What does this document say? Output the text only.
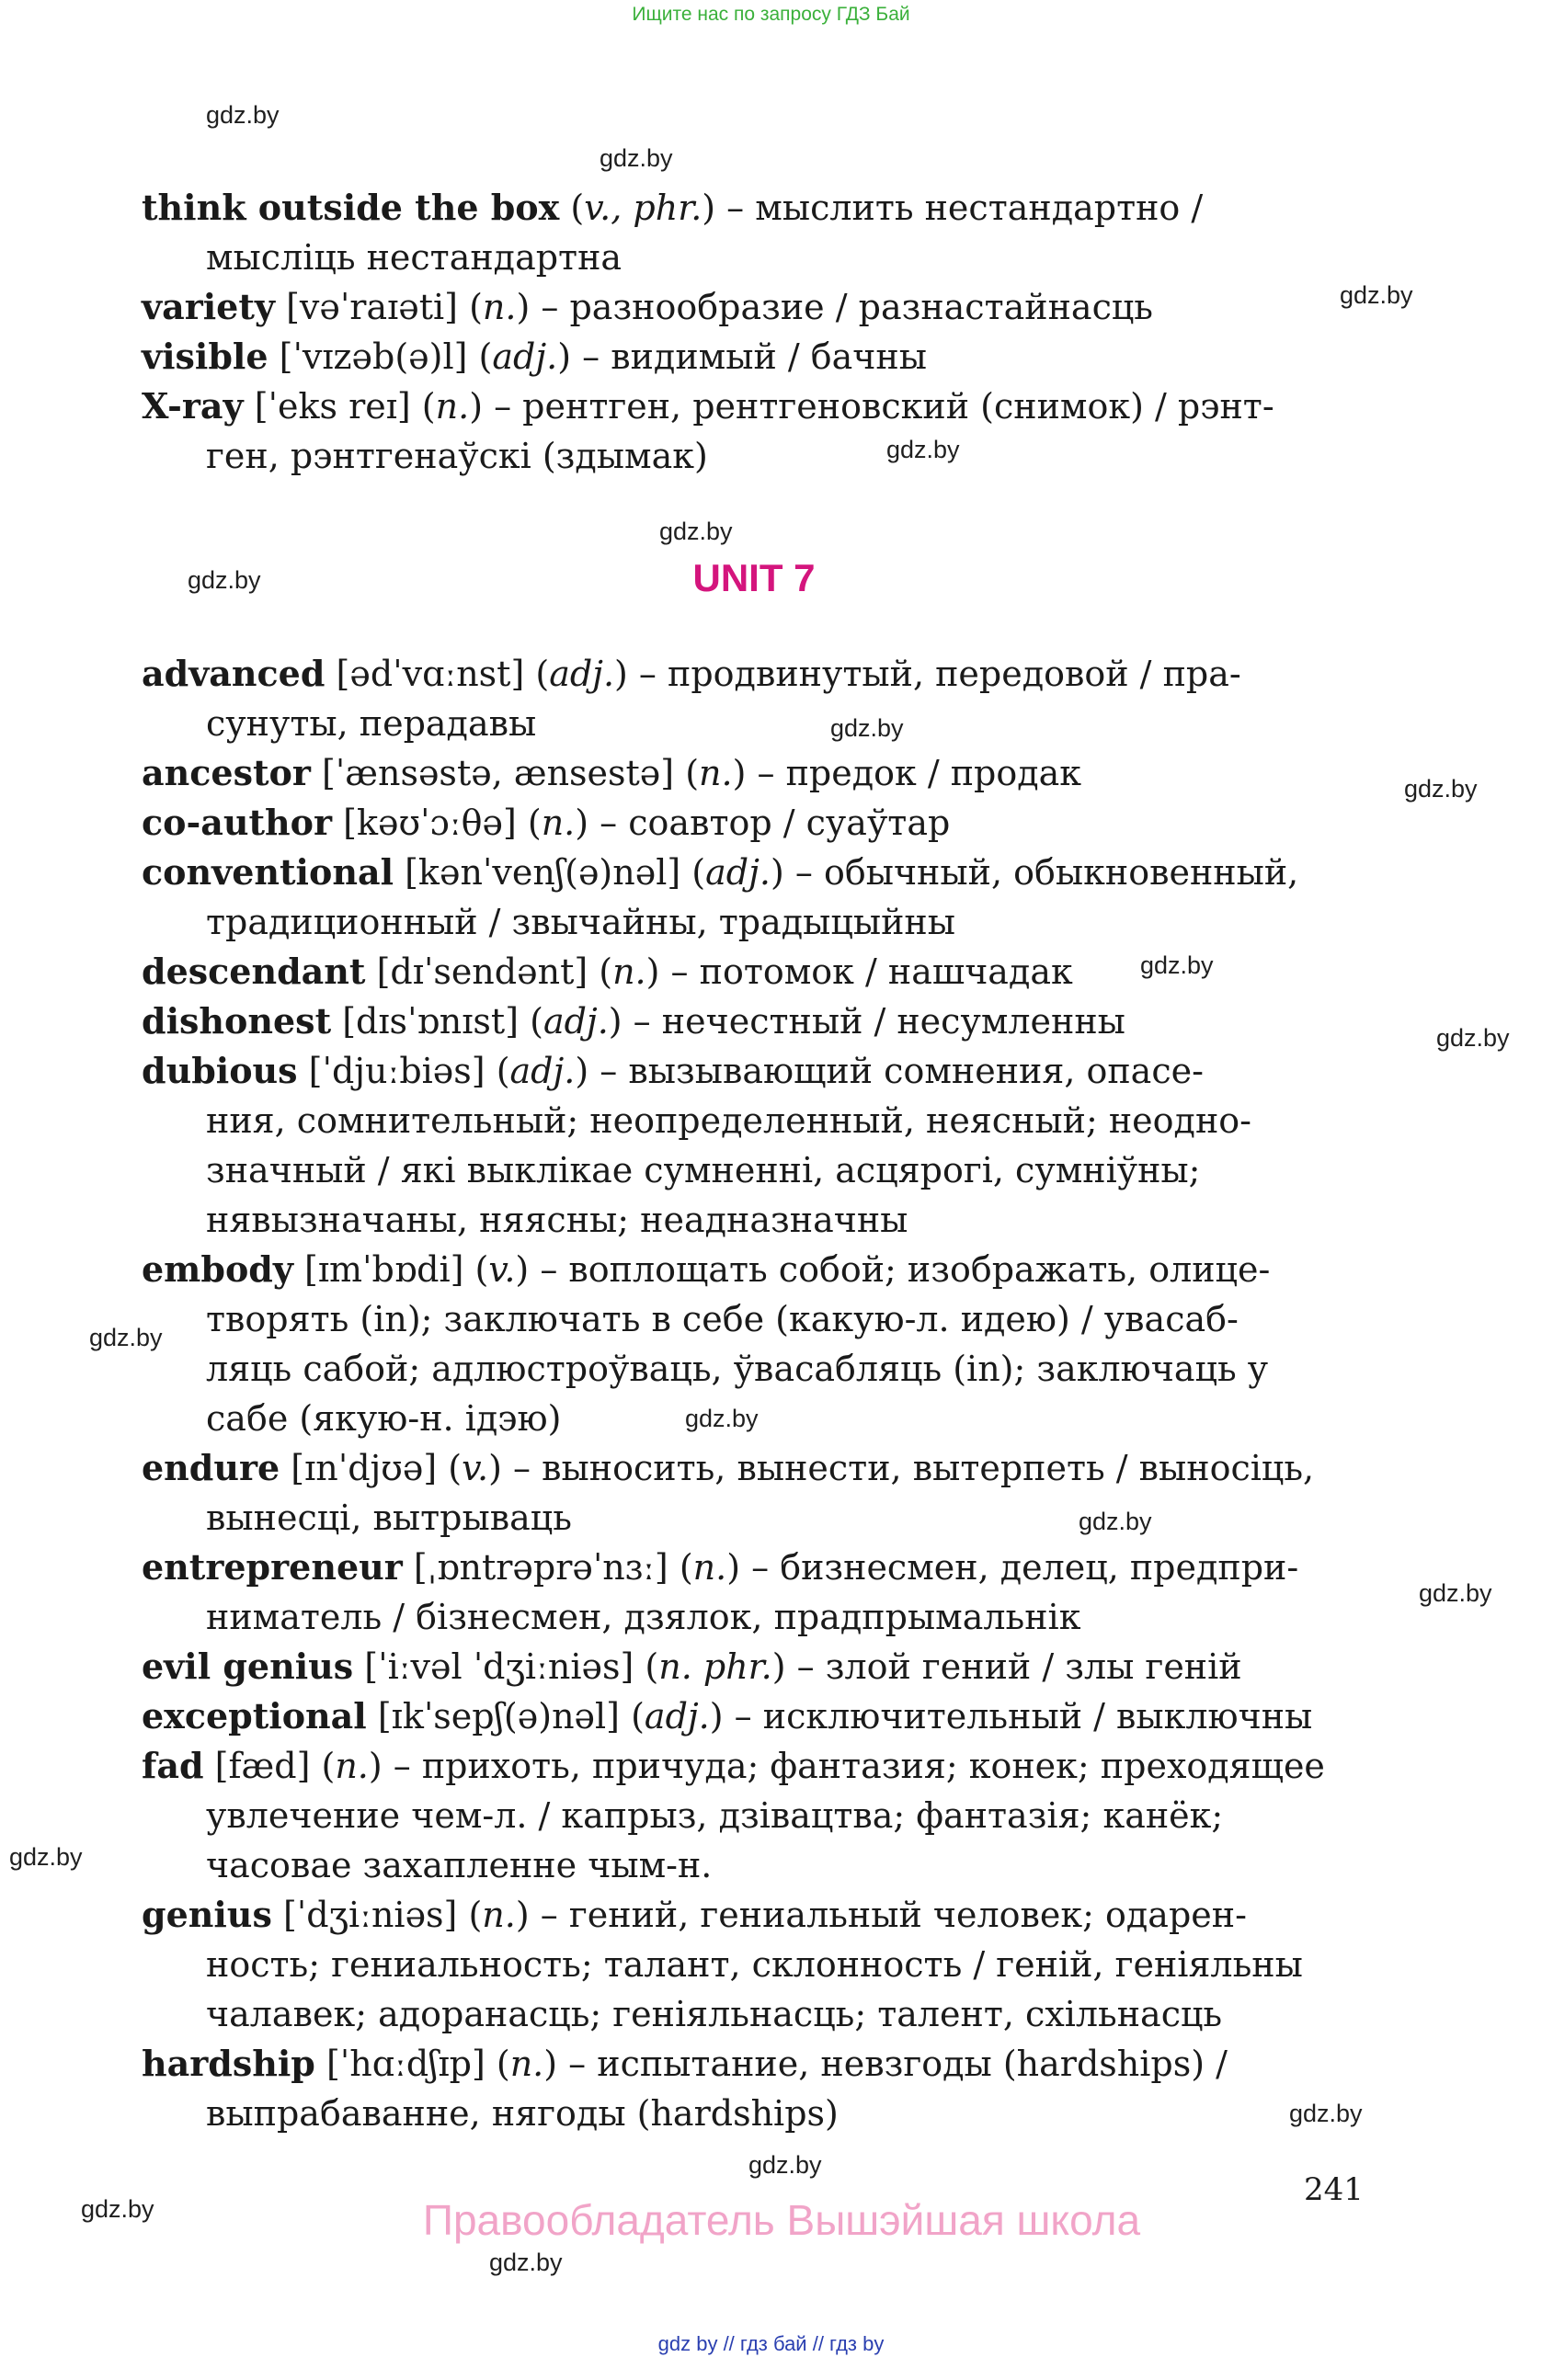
Ищите нас по запросу ГДЗ Бай
gdz.by
gdz.by
gdz.by
gdz.by
gdz.by
gdz.by
gdz.by
gdz.by
gdz.by
gdz.by
gdz.by
gdz.by
gdz.by
gdz.by
gdz.by
gdz.by
gdz.by
gdz.by
gdz.by
think outside the box (v., phr.) – мыслить нестандартно /
мысліць нестандартна
variety [vəˈraɪəti] (n.) – разнообразие / разнастайнасць
visible [ˈvɪzəb(ə)l] (adj.) – видимый / бачны
X-ray [ˈeks reɪ] (n.) – рентген, рентгеновский (снимок) / рэнт-
ген, рэнтгенаўскі (здымак)
UNIT 7
advanced [ədˈvɑːnst] (adj.) – продвинутый, передовой / пра-
сунуты, перадавы
ancestor [ˈænsəstə, ænsestə] (n.) – предок / продак
co-author [kəʊˈɔːθə] (n.) – соавтор / суаўтар
conventional [kənˈvenʃ(ə)nəl] (adj.) – обычный, обыкновенный,
традиционный / звычайны, традыцыйны
descendant [dɪˈsendənt] (n.) – потомок / нашчадак
dishonest [dɪsˈɒnɪst] (adj.) – нечестный / несумленны
dubious [ˈdjuːbiəs] (adj.) – вызывающий сомнения, опасе-
ния, сомнительный; неопределенный, неясный; неодно-
значный / які выклікае сумненні, асцярогі, сумніўны;
нявызначаны, няясны; неадназначны
embody [ɪmˈbɒdi] (v.) – воплощать собой; изображать, олице-
творять (in); заключать в себе (какую-л. идею) / увасаб-
ляць сабой; адлюстроўваць, ўвасабляць (in); заключаць у
сабе (якую-н. ідэю)
endure [ɪnˈdjʊə] (v.) – выносить, вынести, вытерпеть / выносіць,
вынесці, вытрываць
entrepreneur [ˌɒntrəprəˈnɜː] (n.) – бизнесмен, делец, предпри-
ниматель / бізнесмен, дзялок, прадпрымальнік
evil genius [ˈiːvəl ˈdʒiːniəs] (n. phr.) – злой гений / злы геній
exceptional [ɪkˈsepʃ(ə)nəl] (adj.) – исключительный / выключны
fad [fæd] (n.) – прихоть, причуда; фантазия; конек; преходящее
увлечение чем-л. / капрыз, дзівацтва; фантазія; канёк;
часовае захапленне чым-н.
genius [ˈdʒiːniəs] (n.) – гений, гениальный человек; одарен-
ность; гениальность; талант, склонность / геній, геніяльны
чалавек; адоранасць; геніяльнасць; талент, схільнасць
hardship [ˈhɑːdʃɪp] (n.) – испытание, невзгоды (hardships) /
выпрабаванне, нягоды (hardships)
241
Правообладатель Вышэйшая школа
gdz by // гдз бай // гдз by
